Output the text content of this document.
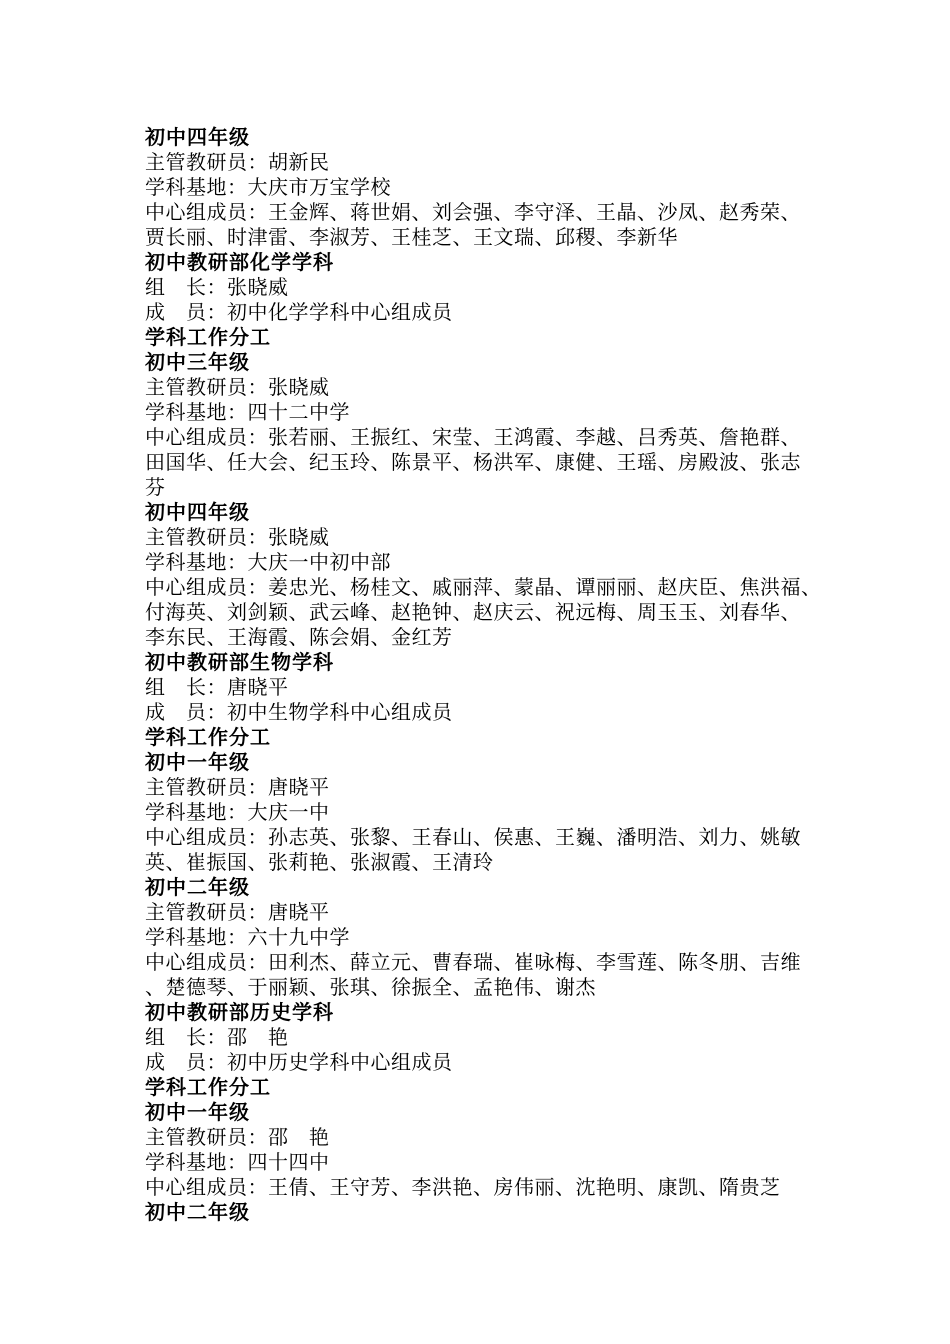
初中四年级
主管教研员：胡新民
学科基地：大庆市万宝学校
中心组成员：王金辉、蒋世娟、刘会强、李守泽、王晶、沙凤、赵秀荣、
贾长丽、时津雷、李淑芳、王桂芝、王文瑞、邱稷、李新华
初中教研部化学学科
组　长：张晓威
成　员：初中化学学科中心组成员
学科工作分工
初中三年级
主管教研员：张晓威
学科基地：四十二中学
中心组成员：张若丽、王振红、宋莹、王鸿霞、李越、吕秀英、詹艳群、
田国华、任大会、纪玉玲、陈景平、杨洪军、康健、王瑶、房殿波、张志
芬
初中四年级
主管教研员：张晓威
学科基地：大庆一中初中部
中心组成员：姜忠光、杨桂文、戚丽萍、蒙晶、谭丽丽、赵庆臣、焦洪福、
付海英、刘剑颖、武云峰、赵艳钟、赵庆云、祝远梅、周玉玉、刘春华、
李东民、王海霞、陈会娟、金红芳
初中教研部生物学科
组　长：唐晓平
成　员：初中生物学科中心组成员
学科工作分工
初中一年级
主管教研员：唐晓平
学科基地：大庆一中
中心组成员：孙志英、张黎、王春山、侯惠、王巍、潘明浩、刘力、姚敏
英、崔振国、张莉艳、张淑霞、王清玲
初中二年级
主管教研员：唐晓平
学科基地：六十九中学
中心组成员：田利杰、薛立元、曹春瑞、崔咏梅、李雪莲、陈冬朋、吉维
、楚德琴、于丽颖、张琪、徐振全、孟艳伟、谢杰
初中教研部历史学科
组　长：邵　艳
成　员：初中历史学科中心组成员
学科工作分工
初中一年级
主管教研员：邵　艳
学科基地：四十四中
中心组成员：王倩、王守芳、李洪艳、房伟丽、沈艳明、康凯、隋贵芝
初中二年级
